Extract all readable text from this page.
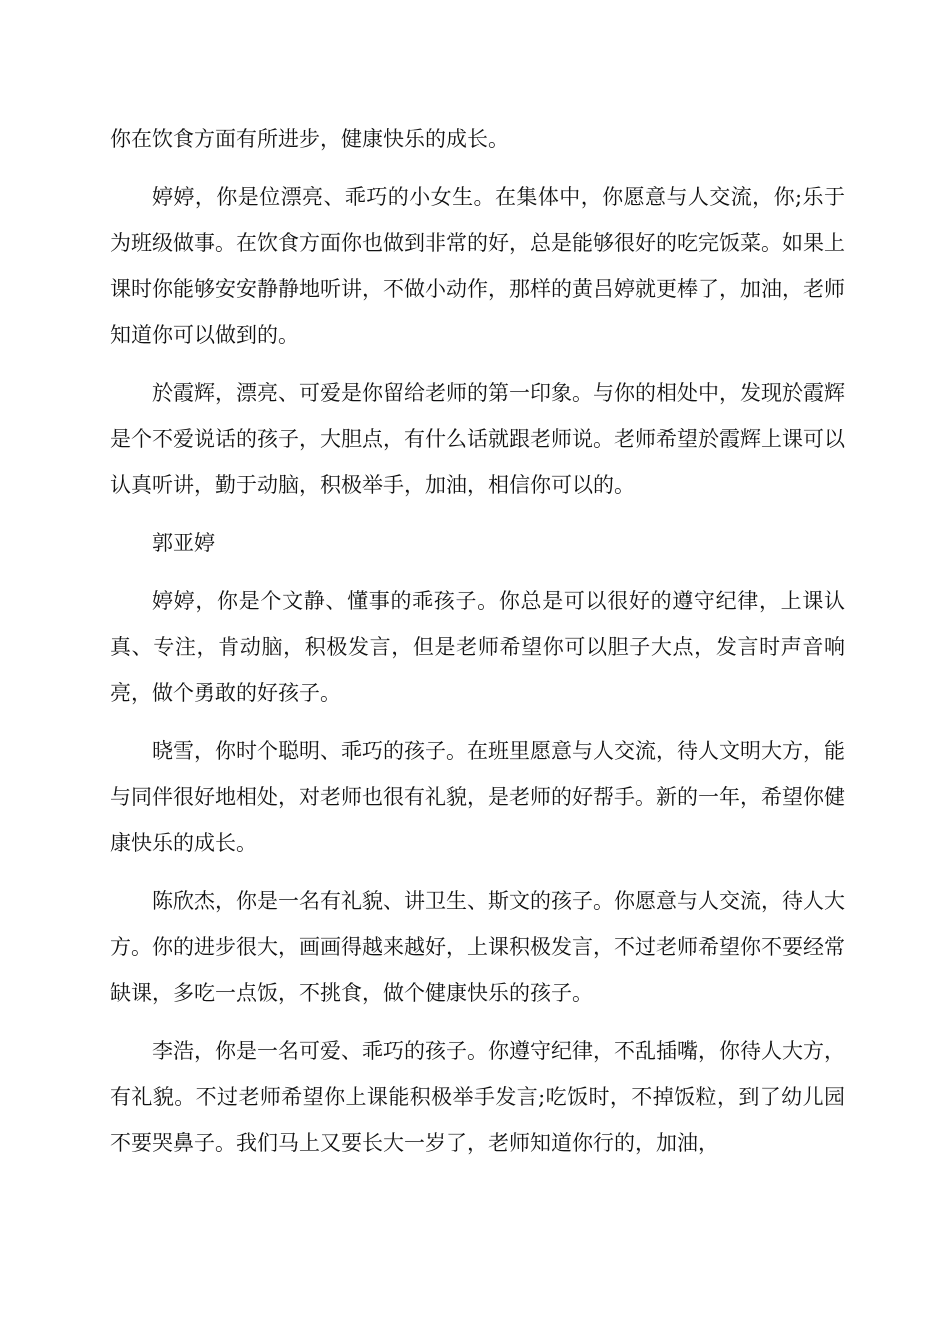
你在饮食方面有所进步，健康快乐的成长。

婷婷，你是位漂亮、乖巧的小女生。在集体中，你愿意与人交流，你;乐于为班级做事。在饮食方面你也做到非常的好，总是能够很好的吃完饭菜。如果上课时你能够安安静静地听讲，不做小动作，那样的黄吕婷就更棒了，加油，老师知道你可以做到的。

於霞辉，漂亮、可爱是你留给老师的第一印象。与你的相处中，发现於霞辉是个不爱说话的孩子，大胆点，有什么话就跟老师说。老师希望於霞辉上课可以认真听讲，勤于动脑，积极举手，加油，相信你可以的。

郭亚婷

婷婷，你是个文静、懂事的乖孩子。你总是可以很好的遵守纪律，上课认真、专注，肯动脑，积极发言，但是老师希望你可以胆子大点，发言时声音响亮，做个勇敢的好孩子。

晓雪，你时个聪明、乖巧的孩子。在班里愿意与人交流，待人文明大方，能与同伴很好地相处，对老师也很有礼貌，是老师的好帮手。新的一年，希望你健康快乐的成长。

陈欣杰，你是一名有礼貌、讲卫生、斯文的孩子。你愿意与人交流，待人大方。你的进步很大，画画得越来越好，上课积极发言，不过老师希望你不要经常缺课，多吃一点饭，不挑食，做个健康快乐的孩子。

李浩，你是一名可爱、乖巧的孩子。你遵守纪律，不乱插嘴，你待人大方，有礼貌。不过老师希望你上课能积极举手发言;吃饭时，不掉饭粒，到了幼儿园不要哭鼻子。我们马上又要长大一岁了，老师知道你行的，加油，
